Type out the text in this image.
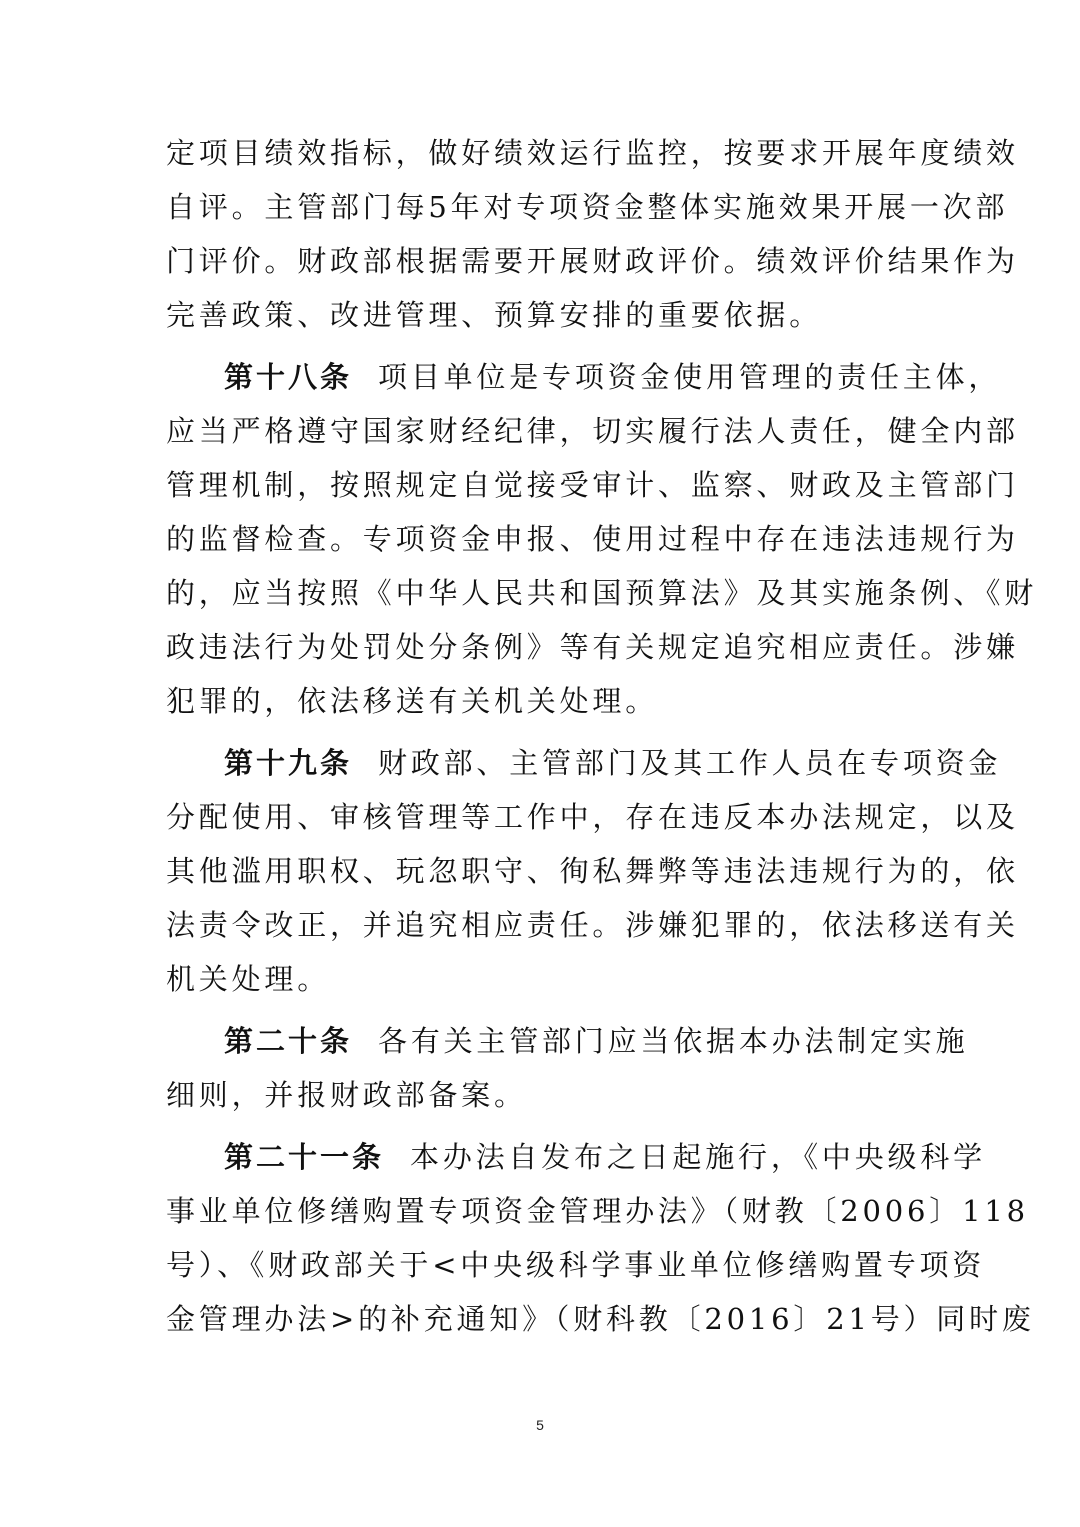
定项目绩效指标，做好绩效运行监控，按要求开展年度绩效
自评。主管部门每5年对专项资金整体实施效果开展一次部
门评价。财政部根据需要开展财政评价。绩效评价结果作为
完善政策、改进管理、预算安排的重要依据。
第十八条 项目单位是专项资金使用管理的责任主体，
应当严格遵守国家财经纪律，切实履行法人责任，健全内部
管理机制，按照规定自觉接受审计、监察、财政及主管部门
的监督检查。专项资金申报、使用过程中存在违法违规行为
的，应当按照《中华人民共和国预算法》及其实施条例、《财
政违法行为处罚处分条例》等有关规定追究相应责任。涉嫌
犯罪的，依法移送有关机关处理。
第十九条 财政部、主管部门及其工作人员在专项资金
分配使用、审核管理等工作中，存在违反本办法规定，以及
其他滥用职权、玩忽职守、徇私舞弊等违法违规行为的，依
法责令改正，并追究相应责任。涉嫌犯罪的，依法移送有关
机关处理。
第二十条 各有关主管部门应当依据本办法制定实施
细则，并报财政部备案。
第二十一条 本办法自发布之日起施行，《中央级科学
事业单位修缮购置专项资金管理办法》（财教〔2006〕118
号）、《财政部关于<中央级科学事业单位修缮购置专项资
金管理办法>的补充通知》（财科教〔2016〕21号）同时废
5
